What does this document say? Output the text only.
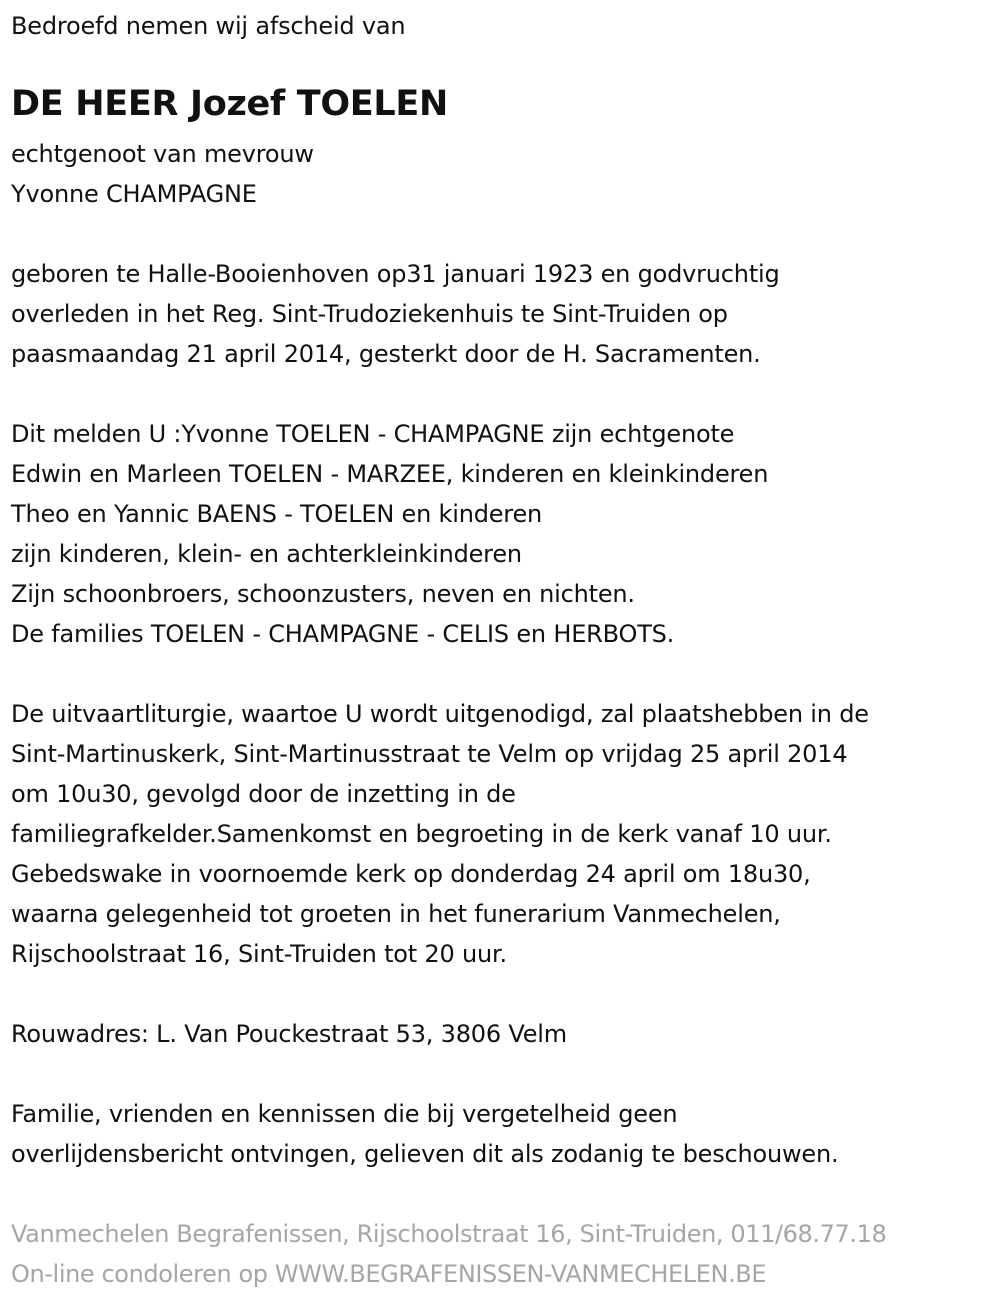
Bedroefd nemen wij afscheid van
DE HEER Jozef TOELEN
echtgenoot van mevrouw
Yvonne CHAMPAGNE
geboren te Halle-Booienhoven op31 januari 1923 en godvruchtig
overleden in het Reg. Sint-Trudoziekenhuis te Sint-Truiden op
paasmaandag 21 april 2014, gesterkt door de H. Sacramenten.
Dit melden U :Yvonne TOELEN - CHAMPAGNE zijn echtgenote
Edwin en Marleen TOELEN - MARZEE, kinderen en kleinkinderen
Theo en Yannic BAENS - TOELEN en kinderen
zijn kinderen, klein- en achterkleinkinderen
Zijn schoonbroers, schoonzusters, neven en nichten.
De families TOELEN - CHAMPAGNE - CELIS en HERBOTS.
De uitvaartliturgie, waartoe U wordt uitgenodigd, zal plaatshebben in de
Sint-Martinuskerk, Sint-Martinusstraat te Velm op vrijdag 25 april 2014
om 10u30, gevolgd door de inzetting in de
familiegrafkelder.Samenkomst en begroeting in de kerk vanaf 10 uur.
Gebedswake in voornoemde kerk op donderdag 24 april om 18u30,
waarna gelegenheid tot groeten in het funerarium Vanmechelen,
Rijschoolstraat 16, Sint-Truiden tot 20 uur.
Rouwadres: L. Van Pouckestraat 53, 3806 Velm
Familie, vrienden en kennissen die bij vergetelheid geen
overlijdensbericht ontvingen, gelieven dit als zodanig te beschouwen.
Vanmechelen Begrafenissen, Rijschoolstraat 16, Sint-Truiden, 011/68.77.18
On-line condoleren op WWW.BEGRAFENISSEN-VANMECHELEN.BE
